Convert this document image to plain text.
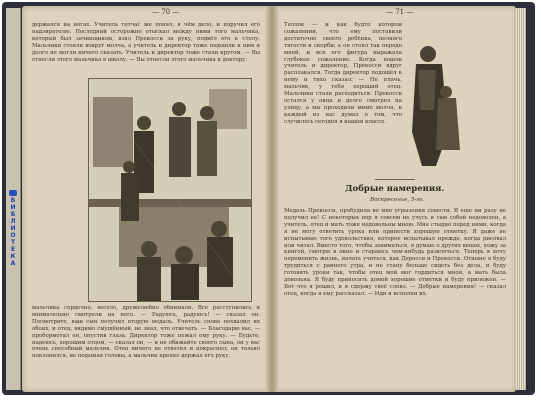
Б И Б Л И О Т Е К А

— 70 —

держался на ногах. Учитель тотчас же понял, в чём дело, и поручил его надзирателю. Последний осторожно отыскал между ними того мальчика, который был зачинщиком, взял Прекосси за руку, подвёл его к столу. Мальчики стояли вокруг молча, а учитель и директор тоже подошли к ним и долго не могли ничего сказать. Учитель и директор тоже стали кругом. — Вы отнесли этого мальчика в школу. — Вы отнесли этого мальчика к доктору.

мальчика сердечно, весело, дружелюбно обнимали. Все расступились и внимательно смотрели на него. — Радуюсь, радуюсь! — сказал он. Посмотрите, ваш сын получил вторую медаль. Учитель снова похвалил их обоих, и отец, видимо смущённый, не знал, что отвечать. — Благодарю вас, — пробормотал он, опустив глаза. Директор тоже пожал ему руку. — Будьте, надеюсь, хорошим отцом, — сказал он, — и не обижайте своего сына, он у вас очень способный мальчик. Отец ничего не ответил и покраснел; он только поклонился, не подымая головы, а мальчик крепко держал его руку.

— 71 —

Теллок — и как будто котором сожалении, что ему поставили достаточно своего ребёнка, полного тягости и скорби; а он стоял так передо мной, и вся его фигура выражала глубокое сожаление. Когда вошли учитель и директор, Прекосси вдруг расплакался. Тогда директор подошёл к нему и тихо сказал: — Не плачь, мальчик, у тебя хороший отец. Мальчики стали расходиться. Прекосси остался у окна и долго смотрел на улицу, а мы проходили мимо молча, и каждый из нас думал о том, что случилось сегодня в нашем классе.

Добрые намерения.

Воскресенье, 5-го.

Медаль Прекосси, пробудила во мне угрызения совести. Я еще ни разу не получил ее! С некоторых пор я совсем не учусь и сам собой недоволен, а учитель, отец и мать тоже недовольны мною. Мне стыдно перед ними, когда я не могу ответить урока или принести хорошую отметку. Я даже не испытываю того удовольствия, которое испытывал прежде, когда рисовал или читал. Вместо того, чтобы заниматься, я думаю о других вещах, хожу за книгой, смотрю в окно и стараюсь чем-нибудь развлечься. Теперь я хочу переменить жизнь, начать учиться, как Деросси и Прекосси. Отныне я буду трудиться с раннего утра, и не стану больше сидеть без дела, и буду готовить уроки так, чтобы отец мой мог гордиться мной, а мать была довольна. Я буду приносить домой хорошие отметки и буду прилежен. — Вот что я решил, и я сдержу своё слово. — Добрые намерения! — сказал отец, когда я ему рассказал. — Иди и исполни их.
